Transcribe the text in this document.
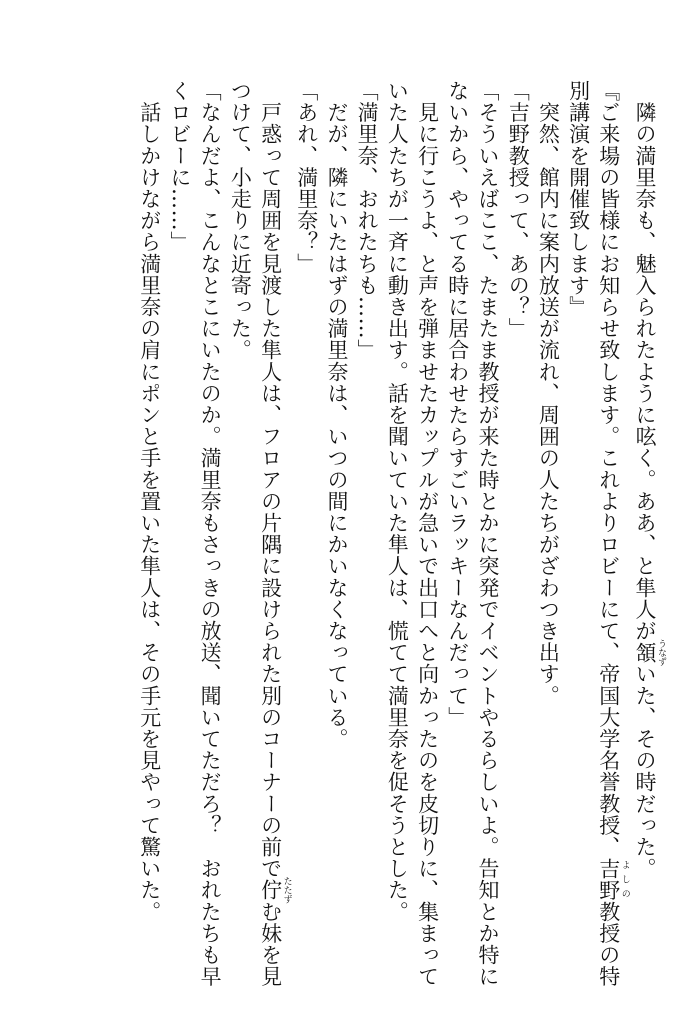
　隣の満里奈も、魅入られたように呟く。ああ、と隼人が頷 うなずいた、その時だった。
『ご来場の皆様にお知らせ致します。これよりロビーにて、帝国大学名誉教授、吉野 よしの教授の特
別講演を開催致します』
　突然、館内に案内放送が流れ、周囲の人たちがざわつき出す。
「吉野教授って、あの？」
「そういえばここ、たまたま教授が来た時とかに突発でイベントやるらしいよ。告知とか特に
ないから、やってる時に居合わせたらすごいラッキーなんだって」
　見に行こうよ、と声を弾ませたカップルが急いで出口へと向かったのを皮切りに、集まって
いた人たちが一斉に動き出す。話を聞いていた隼人は、慌てて満里奈を促そうとした。
「満里奈、おれたちも……」
　だが、隣にいたはずの満里奈は、いつの間にかいなくなっている。
「あれ、満里奈？」
　戸惑って周囲を見渡した隼人は、フロアの片隅に設けられた別のコーナーの前で佇 たたずむ妹を見
つけて、小走りに近寄った。
「なんだよ、こんなとこにいたのか。満里奈もさっきの放送、聞いてただろ？　おれたちも早
くロビーに……」
　話しかけながら満里奈の肩にポンと手を置いた隼人は、その手元を見やって驚いた。
